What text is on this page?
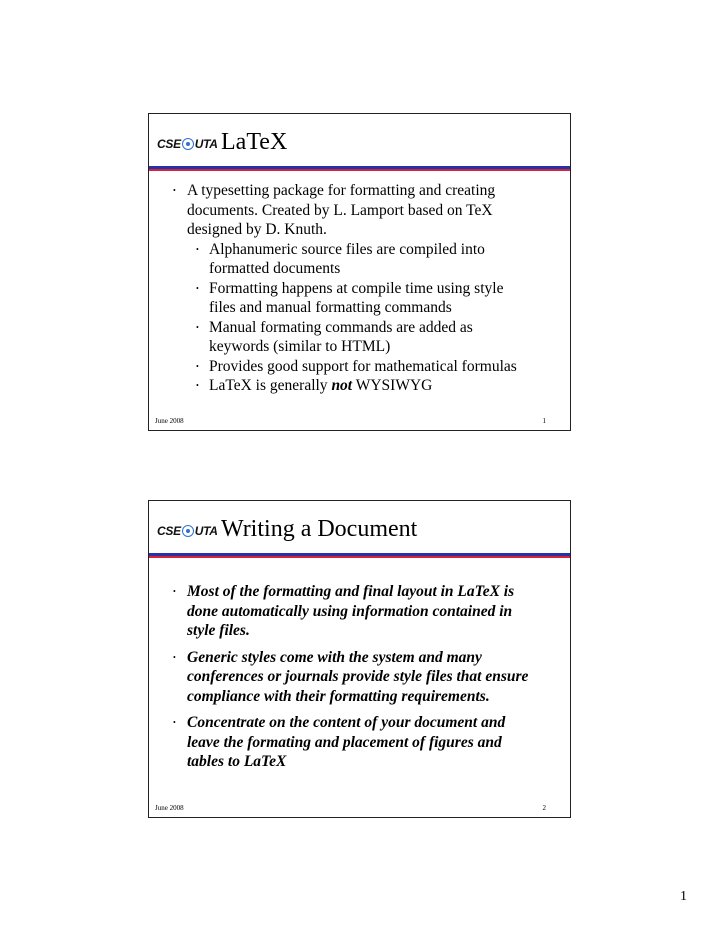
CSE UTA LaTeX
• A typesetting package for formatting and creating documents. Created by L. Lamport based on TeX designed by D. Knuth.
• Alphanumeric source files are compiled into formatted documents
• Formatting happens at compile time using style files and manual formatting commands
• Manual formating commands are added as keywords (similar to HTML)
• Provides good support for mathematical formulas
• LaTeX is generally not WYSIWYG
June 2008	1
CSE UTA Writing a Document
• Most of the formatting and final layout in LaTeX is done automatically using information contained in style files.
• Generic styles come with the system and many conferences or journals provide style files that ensure compliance with their formatting requirements.
• Concentrate on the content of your document and leave the formating and placement of figures and tables to LaTeX
June 2008	2
1
